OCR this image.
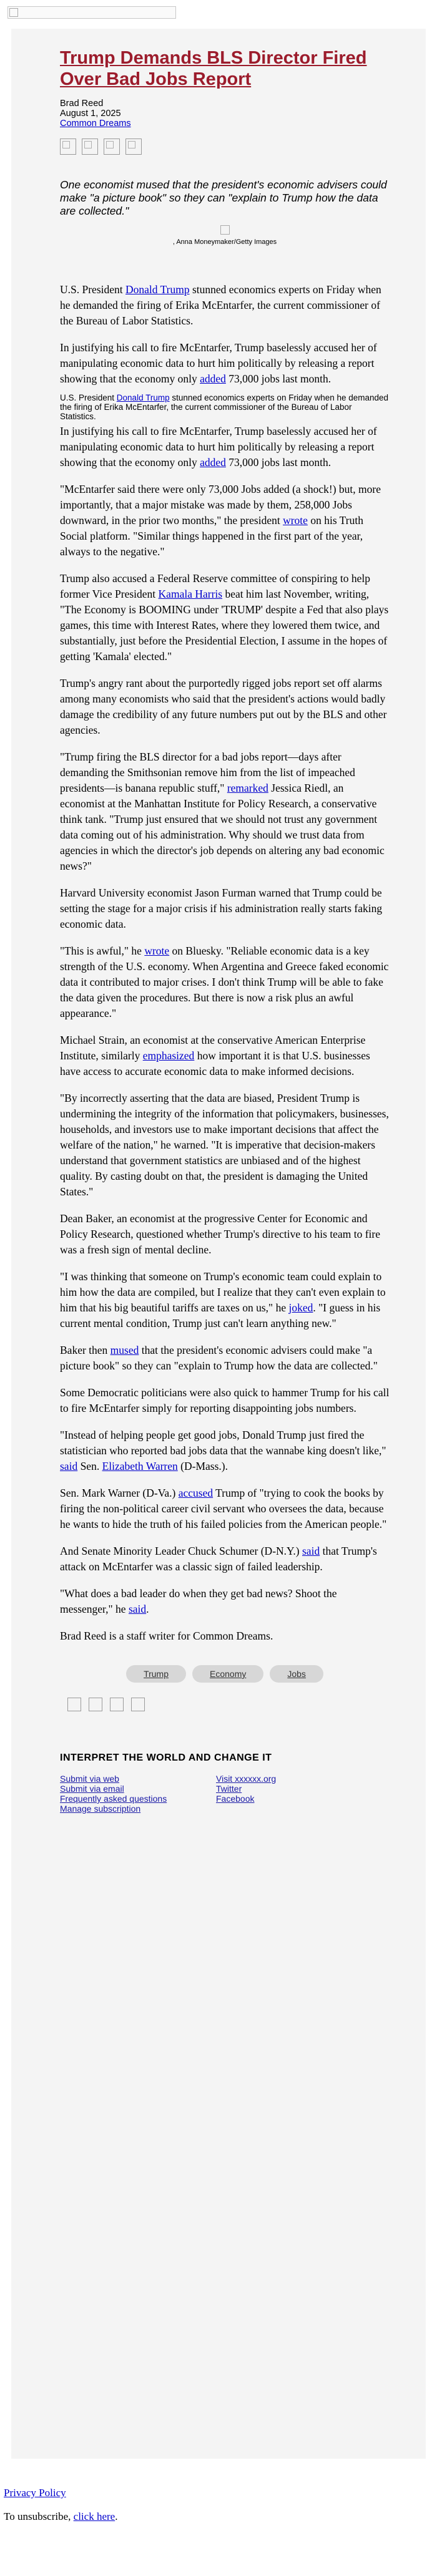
Trump Demands BLS Director Fired Over Bad Jobs Report
Brad Reed
August 1, 2025
Common Dreams
One economist mused that the president's economic advisers could make "a picture book" so they can "explain to Trump how the data are collected."
, Anna Moneymaker/Getty Images

U.S. President Donald Trump stunned economics experts on Friday when he demanded the firing of Erika McEntarfer, the current commissioner of the Bureau of Labor Statistics.

In justifying his call to fire McEntarfer, Trump baselessly accused her of manipulating economic data to hurt him politically by releasing a report showing that the economy only added 73,000 jobs last month.

U.S. President Donald Trump stunned economics experts on Friday when he demanded the firing of Erika McEntarfer, the current commissioner of the Bureau of Labor Statistics.

In justifying his call to fire McEntarfer, Trump baselessly accused her of manipulating economic data to hurt him politically by releasing a report showing that the economy only added 73,000 jobs last month.

"McEntarfer said there were only 73,000 Jobs added (a shock!) but, more importantly, that a major mistake was made by them, 258,000 Jobs downward, in the prior two months," the president wrote on his Truth Social platform. "Similar things happened in the first part of the year, always to the negative."

Trump also accused a Federal Reserve committee of conspiring to help former Vice President Kamala Harris beat him last November, writing, "The Economy is BOOMING under 'TRUMP' despite a Fed that also plays games, this time with Interest Rates, where they lowered them twice, and substantially, just before the Presidential Election, I assume in the hopes of getting 'Kamala' elected."

Trump's angry rant about the purportedly rigged jobs report set off alarms among many economists who said that the president's actions would badly damage the credibility of any future numbers put out by the BLS and other agencies.

"Trump firing the BLS director for a bad jobs report—days after demanding the Smithsonian remove him from the list of impeached presidents—is banana republic stuff," remarked Jessica Riedl, an economist at the Manhattan Institute for Policy Research, a conservative think tank. "Trump just ensured that we should not trust any government data coming out of his administration. Why should we trust data from agencies in which the director's job depends on altering any bad economic news?"

Harvard University economist Jason Furman warned that Trump could be setting the stage for a major crisis if his administration really starts faking economic data.

"This is awful," he wrote on Bluesky. "Reliable economic data is a key strength of the U.S. economy. When Argentina and Greece faked economic data it contributed to major crises. I don't think Trump will be able to fake the data given the procedures. But there is now a risk plus an awful appearance."

Michael Strain, an economist at the conservative American Enterprise Institute, similarly emphasized how important it is that U.S. businesses have access to accurate economic data to make informed decisions.

"By incorrectly asserting that the data are biased, President Trump is undermining the integrity of the information that policymakers, businesses, households, and investors use to make important decisions that affect the welfare of the nation," he warned. "It is imperative that decision-makers understand that government statistics are unbiased and of the highest quality. By casting doubt on that, the president is damaging the United States."

Dean Baker, an economist at the progressive Center for Economic and Policy Research, questioned whether Trump's directive to his team to fire was a fresh sign of mental decline.

"I was thinking that someone on Trump's economic team could explain to him how the data are compiled, but I realize that they can't even explain to him that his big beautiful tariffs are taxes on us," he joked. "I guess in his current mental condition, Trump just can't learn anything new."

Baker then mused that the president's economic advisers could make "a picture book" so they can "explain to Trump how the data are collected."

Some Democratic politicians were also quick to hammer Trump for his call to fire McEntarfer simply for reporting disappointing jobs numbers.

"Instead of helping people get good jobs, Donald Trump just fired the statistician who reported bad jobs data that the wannabe king doesn't like," said Sen. Elizabeth Warren (D-Mass.).

Sen. Mark Warner (D-Va.) accused Trump of "trying to cook the books by firing the non-political career civil servant who oversees the data, because he wants to hide the truth of his failed policies from the American people."

And Senate Minority Leader Chuck Schumer (D-N.Y.) said that Trump's attack on McEntarfer was a classic sign of failed leadership.

"What does a bad leader do when they get bad news? Shoot the messenger," he said.

Brad Reed is a staff writer for Common Dreams.

Trump	Economy	Jobs
INTERPRET THE WORLD AND CHANGE IT
Submit via web	Visit xxxxxx.org
Submit via email	Twitter
Frequently asked questions	Facebook
Manage subscription
Privacy Policy
To unsubscribe, click here.
